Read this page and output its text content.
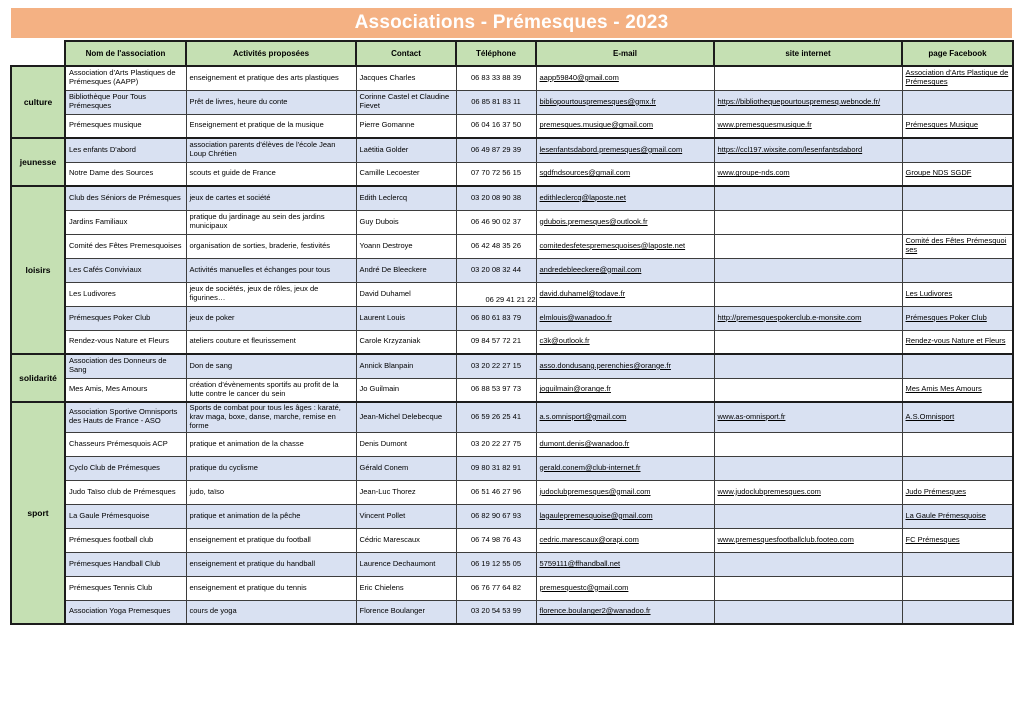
Associations - Prémesques - 2023
	Nom de l'association	Activités proposées	Contact	Téléphone	E-mail	site internet	page Facebook
culture	Association d'Arts Plastiques de Prémesques (AAPP)	enseignement et pratique des arts plastiques	Jacques Charles	06 83 33 88 39	aapp59840@gmail.com		Association d'Arts Plastique de Prémesques
	Bibliothèque Pour Tous Prémesques	Prêt de livres, heure du conte	Corinne Castel et Claudine Fievet	06 85 81 83 11	bibliopourtouspremesques@gmx.fr	https://bibliothequepourtouspremesq.webnode.fr/	
	Prémesques musique	Enseignement et pratique de la musique	Pierre Gomanne	06 04 16 37 50	premesques.musique@gmail.com	www.premesquesmusique.fr	Prémesques Musique
jeunesse	Les enfants D'abord	association parents d'élèves de l'école Jean Loup Chrétien	Laëtitia Golder	06 49 87 29 39	lesenfantsdabord.premesques@gmail.com	https://ccl197.wixsite.com/lesenfantsdabord	
	Notre Dame des Sources	scouts et guide de France	Camille Lecoester	07 70 72 56 15	sgdfndsources@gmail.com	www.groupe-nds.com	Groupe NDS SGDF
loisirs	Club des Séniors de Prémesques	jeux de cartes et société	Edith Leclercq	03 20 08 90 38	edithleclercq@laposte.net		
	Jardins Familiaux	pratique du jardinage au sein des jardins municipaux	Guy Dubois	06 46 90 02 37	gdubois.premesques@outlook.fr		
	Comité des Fêtes Premesquoises	organisation de sorties, braderie, festivités	Yoann Destroye	06 42 48 35 26	comitedesfetespremesquoises@laposte.net		Comité des Fêtes Prémesquoises
	Les Cafés Conviviaux	Activités manuelles et échanges pour tous	André De Bleeckere	03 20 08 32 44	andredebleeckere@gmail.com		
	Les Ludivores	jeux de sociétés, jeux de rôles, jeux de figurines…	David Duhamel	06 29 41 21 22	david.duhamel@todave.fr		Les Ludivores
	Prémesques Poker Club	jeux de poker	Laurent Louis	06 80 61 83 79	elmlouis@wanadoo.fr	http://premesquespokerclub.e-monsite.com	Prémesques Poker Club
	Rendez-vous Nature et Fleurs	ateliers couture et fleurissement	Carole Krzyzaniak	09 84 57 72 21	c3k@outlook.fr		Rendez-vous Nature et Fleurs
solidarité	Association des Donneurs de Sang	Don de sang	Annick Blanpain	03 20 22 27 15	asso.dondusang.perenchies@orange.fr		
	Mes Amis, Mes Amours	création d'évènements sportifs au profit de la lutte contre le cancer du sein	Jo Guilmain	06 88 53 97 73	joguilmain@orange.fr		Mes Amis Mes Amours
sport	Association Sportive Omnisports des Hauts de France - ASO	Sports de combat pour tous les âges : karaté, krav maga, boxe, danse, marche, remise en forme	Jean-Michel Delebecque	06 59 26 25 41	a.s.omnisport@gmail.com	www.as-omnisport.fr	A.S.Omnisport
	Chasseurs Prémesquois ACP	pratique et animation de la chasse	Denis Dumont	03 20 22 27 75	dumont.denis@wanadoo.fr		
	Cyclo Club de Prémesques	pratique du cyclisme	Gérald Conem	09 80 31 82 91	gerald.conem@club-internet.fr		
	Judo Taïso club de Prémesques	judo, taïso	Jean-Luc Thorez	06 51 46 27 96	judoclubpremesques@gmail.com	www.judoclubpremesques.com	Judo Prémesques
	La Gaule Prémesquoise	pratique et animation de la pêche	Vincent Pollet	06 82 90 67 93	lagaulepremesquoise@gmail.com		La Gaule Prémesquoise
	Prémesques football club	enseignement et pratique du football	Cédric Marescaux	06 74 98 76 43	cedric.marescaux@orapi.com	www.premesquesfootballclub.footeo.com	FC Prémesques
	Prémesques Handball Club	enseignement et pratique du handball	Laurence Dechaumont	06 19 12 55 05	5759111@ffhandball.net		
	Prémesques Tennis Club	enseignement et pratique du tennis	Eric Chielens	06 76 77 64 82	premesquestc@gmail.com		
	Association Yoga Premesques	cours de yoga	Florence Boulanger	03 20 54 53 99	florence.boulanger2@wanadoo.fr		
